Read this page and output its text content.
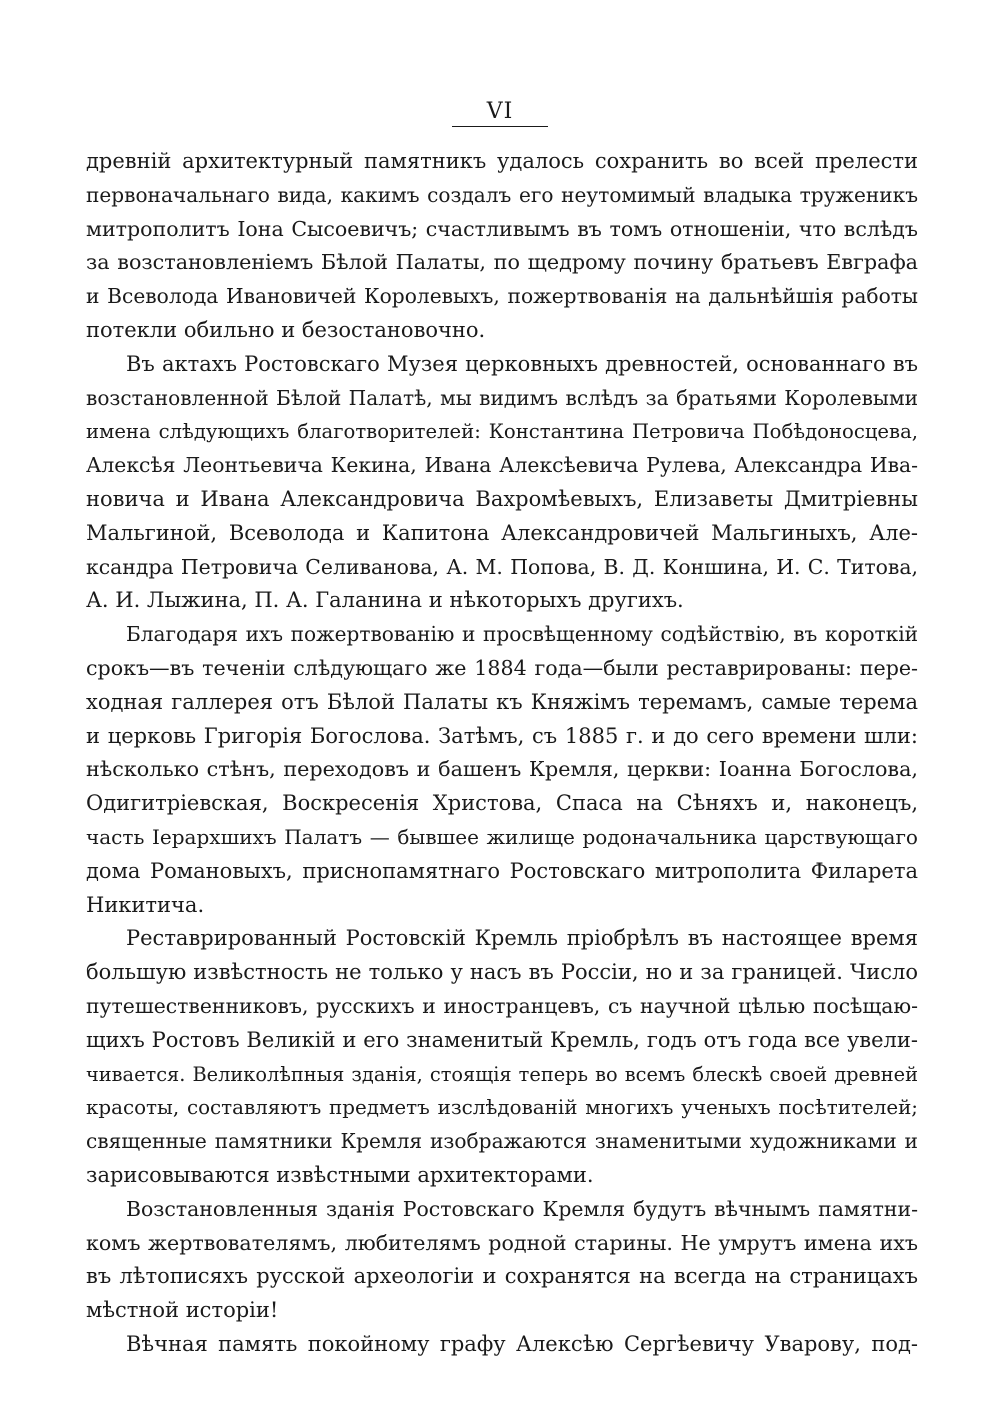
VI
древній архитектурный памятникъ удалось сохранить во всей прелести
первоначальнаго вида, какимъ создалъ его неутомимый владыка труженикъ
митрополитъ Іона Сысоевичъ; счастливымъ въ томъ отношеніи, что вслѣдъ
за возстановленіемъ Бѣлой Палаты, по щедрому почину братьевъ Евграфа
и Всеволода Ивановичей Королевыхъ, пожертвованія на дальнѣйшія работы
потекли обильно и безостановочно.
Въ актахъ Ростовскаго Музея церковныхъ древностей, основаннаго въ
возстановленной Бѣлой Палатѣ, мы видимъ вслѣдъ за братьями Королевыми
имена слѣдующихъ благотворителей: Константина Петровича Побѣдоносцева,
Алексѣя Леонтьевича Кекина, Ивана Алексѣевича Рулева, Александра Ива-
новича и Ивана Александровича Вахромѣевыхъ, Елизаветы Дмитріевны
Мальгиной, Всеволода и Капитона Александровичей Мальгиныхъ, Але-
ксандра Петровича Селиванова, А. М. Попова, В. Д. Коншина, И. С. Титова,
А. И. Лыжина, П. А. Галанина и нѣкоторыхъ другихъ.
Благодаря ихъ пожертвованію и просвѣщенному содѣйствію, въ короткій
срокъ—въ теченіи слѣдующаго же 1884 года—были реставрированы: пере-
ходная галлерея отъ Бѣлой Палаты къ Княжімъ теремамъ, самые терема
и церковь Григорія Богослова. Затѣмъ, съ 1885 г. и до сего времени шли:
нѣсколько стѣнъ, переходовъ и башенъ Кремля, церкви: Іоанна Богослова,
Одигитріевская, Воскресенія Христова, Спаса на Сѣняхъ и, наконецъ,
часть Іерархшихъ Палатъ — бывшее жилище родоначальника царствующаго
дома Романовыхъ, приснопамятнаго Ростовскаго митрополита Филарета
Никитича.
Реставрированный Ростовскій Кремль пріобрѣлъ въ настоящее время
большую извѣстность не только у насъ въ Россіи, но и за границей. Число
путешественниковъ, русскихъ и иностранцевъ, съ научной цѣлью посѣщаю-
щихъ Ростовъ Великій и его знаменитый Кремль, годъ отъ года все увели-
чивается. Великолѣпныя зданія, стоящія теперь во всемъ блескѣ своей древней
красоты, составляютъ предметъ изслѣдованій многихъ ученыхъ посѣтителей;
священные памятники Кремля изображаются знаменитыми художниками и
зарисовываются извѣстными архитекторами.
Возстановленныя зданія Ростовскаго Кремля будутъ вѣчнымъ памятни-
комъ жертвователямъ, любителямъ родной старины. Не умрутъ имена ихъ
въ лѣтописяхъ русской археологіи и сохранятся на всегда на страницахъ
мѣстной исторіи!
Вѣчная память покойному графу Алексѣю Сергѣевичу Уварову, под-
